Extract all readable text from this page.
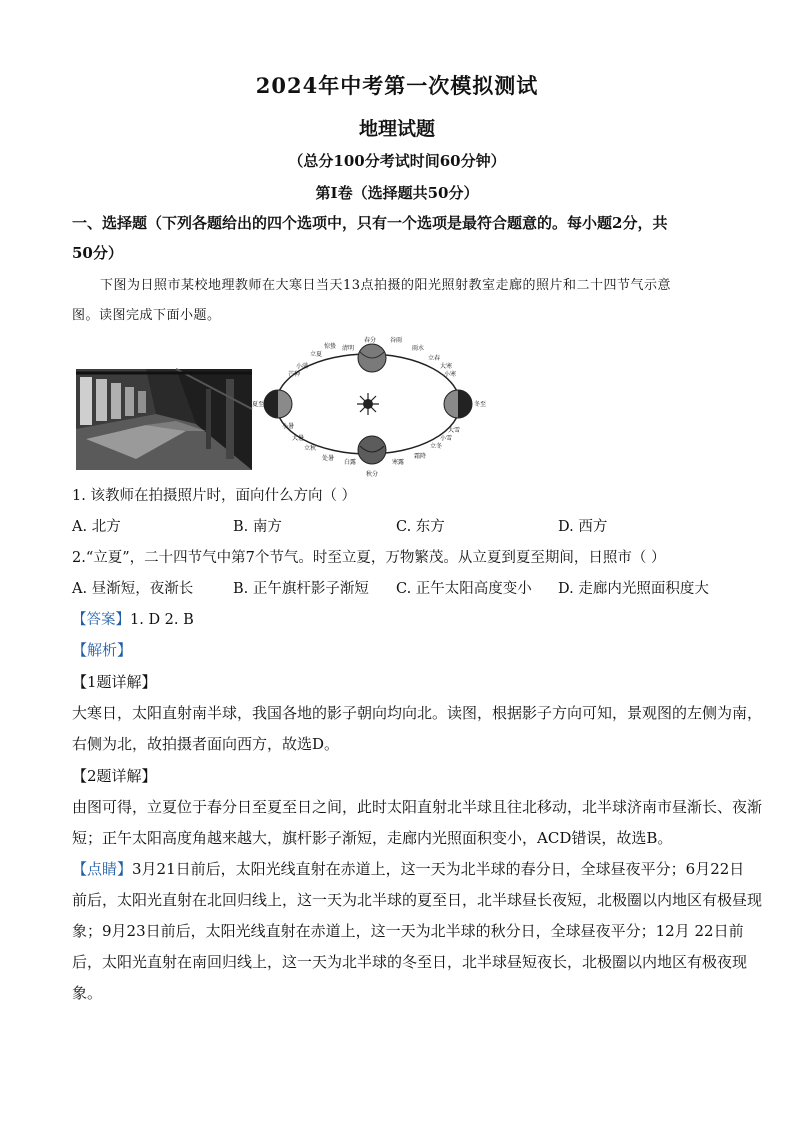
2024年中考第一次模拟测试
地理试题
（总分100分考试时间60分钟）
第Ⅰ卷（选择题共50分）
一、选择题（下列各题给出的四个选项中，只有一个选项是最符合题意的。每小题2分，共
50分）
下图为日照市某校地理教师在大寒日当天13点拍摄的阳光照射教室走廊的照片和二十四节气示意
图。读图完成下面小题。
惊蛰 清明
谷雨
立夏
小满
芒种
夏至
小暑
大暑
立秋
处暑
白露
秋分
寒露
霜降
立冬
小雪
大雪
冬至
小寒
大寒
立春
雨水
春分
1. 该教师在拍摄照片时，面向什么方向（ ）
A. 北方	B. 南方	C. 东方	D. 西方
2.“立夏”，二十四节气中第7个节气。时至立夏，万物繁茂。从立夏到夏至期间，日照市（ ）
A. 昼渐短，夜渐长	B. 正午旗杆影子渐短 C. 正午太阳高度变小 D. 走廊内光照面积度大
【答案】1. D 2. B
【解析】
【1题详解】
大寒日，太阳直射南半球，我国各地的影子朝向均向北。读图，根据影子方向可知，景观图的左侧为南，
右侧为北，故拍摄者面向西方，故选D。
【2题详解】
由图可得，立夏位于春分日至夏至日之间，此时太阳直射北半球且往北移动，北半球济南市昼渐长、夜渐
短；正午太阳高度角越来越大，旗杆影子渐短，走廊内光照面积变小，ACD错误，故选B。
【点睛】3月21日前后，太阳光线直射在赤道上，这一天为北半球的春分日，全球昼夜平分；6月22日
前后，太阳光直射在北回归线上，这一天为北半球的夏至日，北半球昼长夜短，北极圈以内地区有极昼现
象；9月23日前后，太阳光线直射在赤道上，这一天为北半球的秋分日，全球昼夜平分；12月 22日前
后，太阳光直射在南回归线上，这一天为北半球的冬至日，北半球昼短夜长，北极圈以内地区有极夜现
象。
